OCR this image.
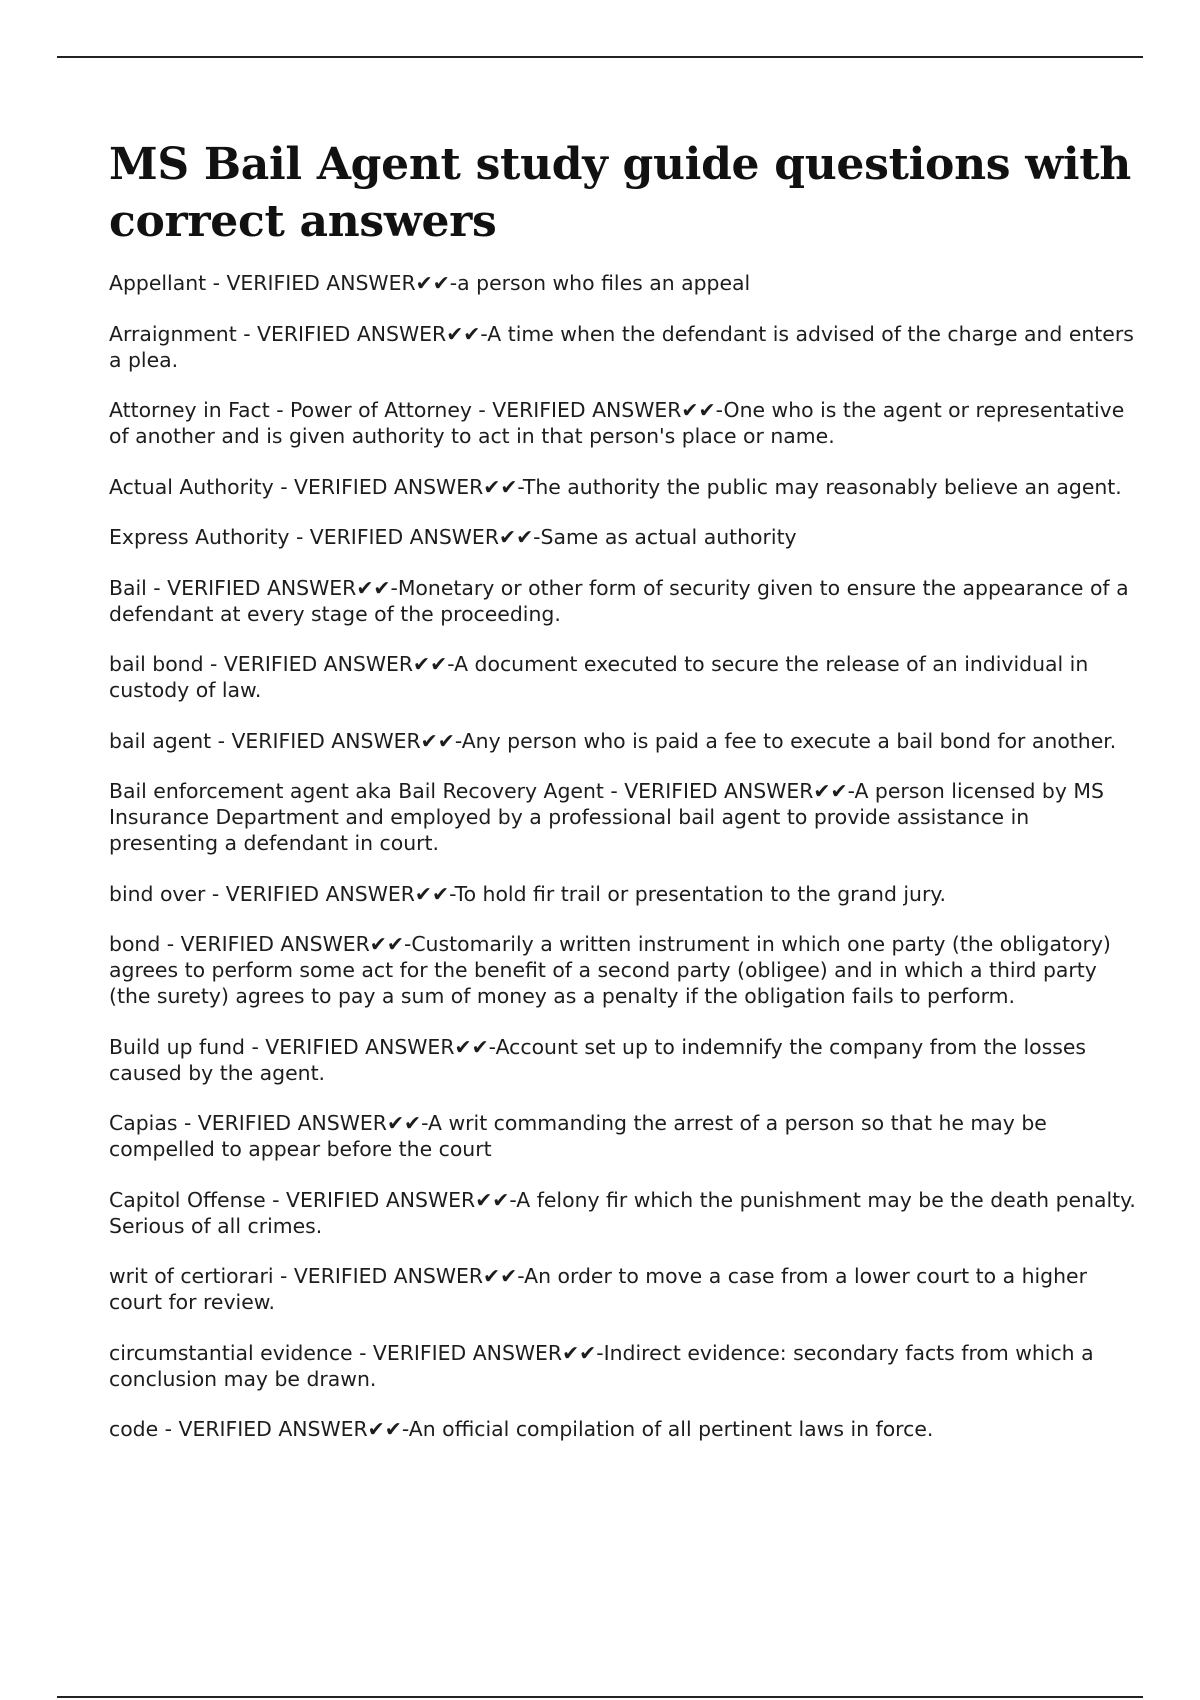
MS Bail Agent study guide questions with correct answers
Appellant - VERIFIED ANSWER✔✔-a person who files an appeal
Arraignment - VERIFIED ANSWER✔✔-A time when the defendant is advised of the charge and enters a plea.
Attorney in Fact - Power of Attorney - VERIFIED ANSWER✔✔-One who is the agent or representative of another and is given authority to act in that person's place or name.
Actual Authority - VERIFIED ANSWER✔✔-The authority the public may reasonably believe an agent.
Express Authority - VERIFIED ANSWER✔✔-Same as actual authority
Bail - VERIFIED ANSWER✔✔-Monetary or other form of security given to ensure the appearance of a defendant at every stage of the proceeding.
bail bond - VERIFIED ANSWER✔✔-A document executed to secure the release of an individual in custody of law.
bail agent - VERIFIED ANSWER✔✔-Any person who is paid a fee to execute a bail bond for another.
Bail enforcement agent aka Bail Recovery Agent - VERIFIED ANSWER✔✔-A person licensed by MS Insurance Department and employed by a professional bail agent to provide assistance in presenting a defendant in court.
bind over - VERIFIED ANSWER✔✔-To hold fir trail or presentation to the grand jury.
bond - VERIFIED ANSWER✔✔-Customarily a written instrument in which one party (the obligatory) agrees to perform some act for the benefit of a second party (obligee) and in which a third party (the surety) agrees to pay a sum of money as a penalty if the obligation fails to perform.
Build up fund - VERIFIED ANSWER✔✔-Account set up to indemnify the company from the losses caused by the agent.
Capias - VERIFIED ANSWER✔✔-A writ commanding the arrest of a person so that he may be compelled to appear before the court
Capitol Offense - VERIFIED ANSWER✔✔-A felony fir which the punishment may be the death penalty. Serious of all crimes.
writ of certiorari - VERIFIED ANSWER✔✔-An order to move a case from a lower court to a higher court for review.
circumstantial evidence - VERIFIED ANSWER✔✔-Indirect evidence: secondary facts from which a conclusion may be drawn.
code - VERIFIED ANSWER✔✔-An official compilation of all pertinent laws in force.
